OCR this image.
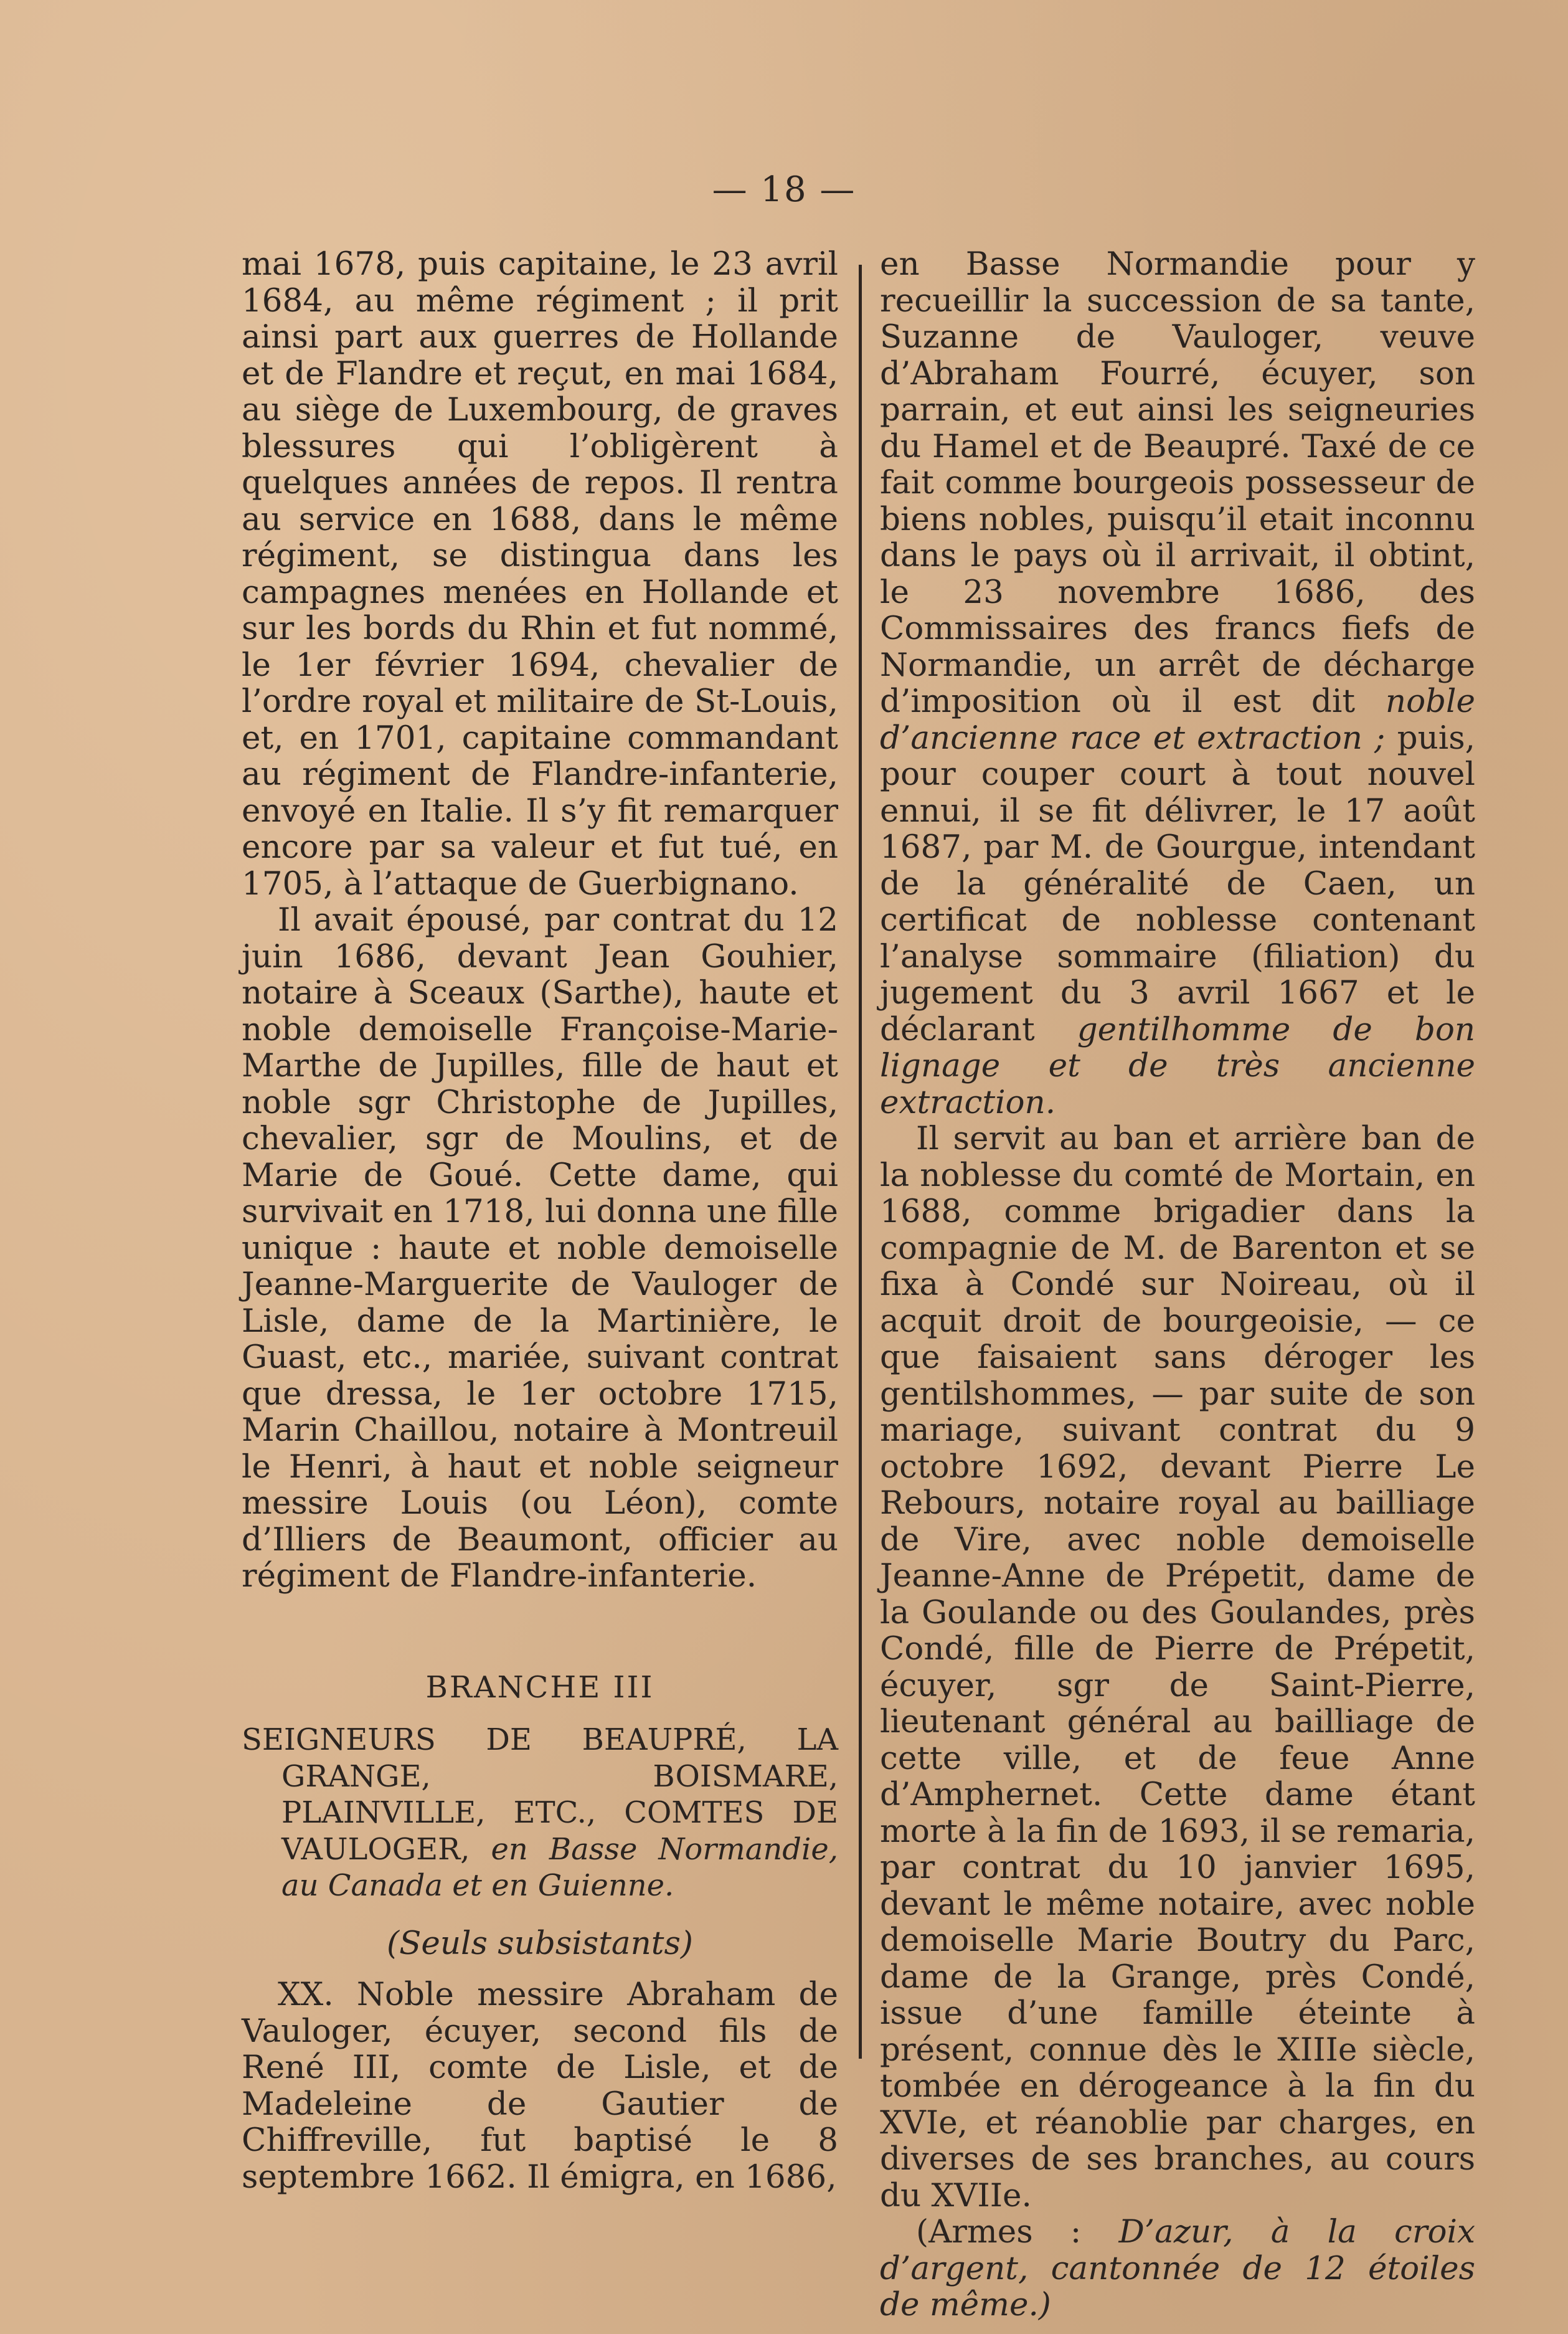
— 18 —

mai 1678, puis capitaine, le 23 avril 1684, au même régiment ; il prit ainsi part aux guerres de Hollande et de Flandre et reçut, en mai 1684, au siège de Luxembourg, de graves blessures qui l’obligèrent à quelques années de repos. Il rentra au service en 1688, dans le même régiment, se distingua dans les campagnes menées en Hollande et sur les bords du Rhin et fut nommé, le 1er février 1694, chevalier de l’ordre royal et militaire de St-Louis, et, en 1701, capitaine commandant au régiment de Flandre-infanterie, envoyé en Italie. Il s’y fit remarquer encore par sa valeur et fut tué, en 1705, à l’attaque de Guerbignano.

Il avait épousé, par contrat du 12 juin 1686, devant Jean Gouhier, notaire à Sceaux (Sarthe), haute et noble demoiselle Françoise-Marie-Marthe de Jupilles, fille de haut et noble sgr Christophe de Jupilles, chevalier, sgr de Moulins, et de Marie de Goué. Cette dame, qui survivait en 1718, lui donna une fille unique : haute et noble demoiselle Jeanne-Marguerite de Vauloger de Lisle, dame de la Martinière, le Guast, etc., mariée, suivant contrat que dressa, le 1er octobre 1715, Marin Chaillou, notaire à Montreuil le Henri, à haut et noble seigneur messire Louis (ou Léon), comte d’Illiers de Beaumont, officier au régiment de Flandre-infanterie.

BRANCHE III

SEIGNEURS DE BEAUPRÉ, LA GRANGE, BOISMARE, PLAINVILLE, ETC., COMTES DE VAULOGER, en Basse Normandie, au Canada et en Guienne.

(Seuls subsistants)

XX. Noble messire Abraham de Vauloger, écuyer, second fils de René III, comte de Lisle, et de Madeleine de Gautier de Chiffreville, fut baptisé le 8 septembre 1662. Il émigra, en 1686,

en Basse Normandie pour y recueillir la succession de sa tante, Suzanne de Vauloger, veuve d’Abraham Fourré, écuyer, son parrain, et eut ainsi les seigneuries du Hamel et de Beaupré. Taxé de ce fait comme bourgeois possesseur de biens nobles, puisqu’il etait inconnu dans le pays où il arrivait, il obtint, le 23 novembre 1686, des Commissaires des francs fiefs de Normandie, un arrêt de décharge d’imposition où il est dit noble d’ancienne race et extraction ; puis, pour couper court à tout nouvel ennui, il se fit délivrer, le 17 août 1687, par M. de Gourgue, intendant de la généralité de Caen, un certificat de noblesse contenant l’analyse sommaire (filiation) du jugement du 3 avril 1667 et le déclarant gentilhomme de bon lignage et de très ancienne extraction.

Il servit au ban et arrière ban de la noblesse du comté de Mortain, en 1688, comme brigadier dans la compagnie de M. de Barenton et se fixa à Condé sur Noireau, où il acquit droit de bourgeoisie, — ce que faisaient sans déroger les gentilshommes, — par suite de son mariage, suivant contrat du 9 octobre 1692, devant Pierre Le Rebours, notaire royal au bailliage de Vire, avec noble demoiselle Jeanne-Anne de Prépetit, dame de la Goulande ou des Goulandes, près Condé, fille de Pierre de Prépetit, écuyer, sgr de Saint-Pierre, lieutenant général au bailliage de cette ville, et de feue Anne d’Amphernet. Cette dame étant morte à la fin de 1693, il se remaria, par contrat du 10 janvier 1695, devant le même notaire, avec noble demoiselle Marie Boutry du Parc, dame de la Grange, près Condé, issue d’une famille éteinte à présent, connue dès le XIIIe siècle, tombée en dérogeance à la fin du XVIe, et réanoblie par charges, en diverses de ses branches, au cours du XVIIe.

(Armes : D’azur, à la croix d’argent, cantonnée de 12 étoiles de même.)
